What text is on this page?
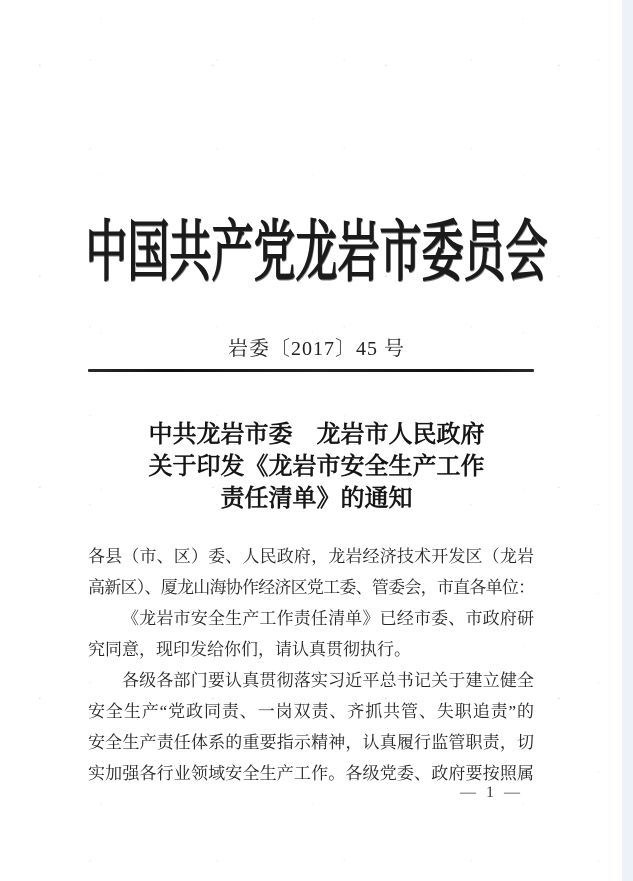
中国共产党龙岩市委员会
岩委〔2017〕45 号
中共龙岩市委　龙岩市人民政府
关于印发《龙岩市安全生产工作
责任清单》的通知
各县（市、区）委、人民政府，龙岩经济技术开发区（龙岩
高新区）、厦龙山海协作经济区党工委、管委会，市直各单位：
《龙岩市安全生产工作责任清单》已经市委、市政府研
究同意，现印发给你们，请认真贯彻执行。
各级各部门要认真贯彻落实习近平总书记关于建立健全
安全生产“党政同责、一岗双责、齐抓共管、失职追责”的
安全生产责任体系的重要指示精神，认真履行监管职责，切
实加强各行业领域安全生产工作。各级党委、政府要按照属
— 1 —
